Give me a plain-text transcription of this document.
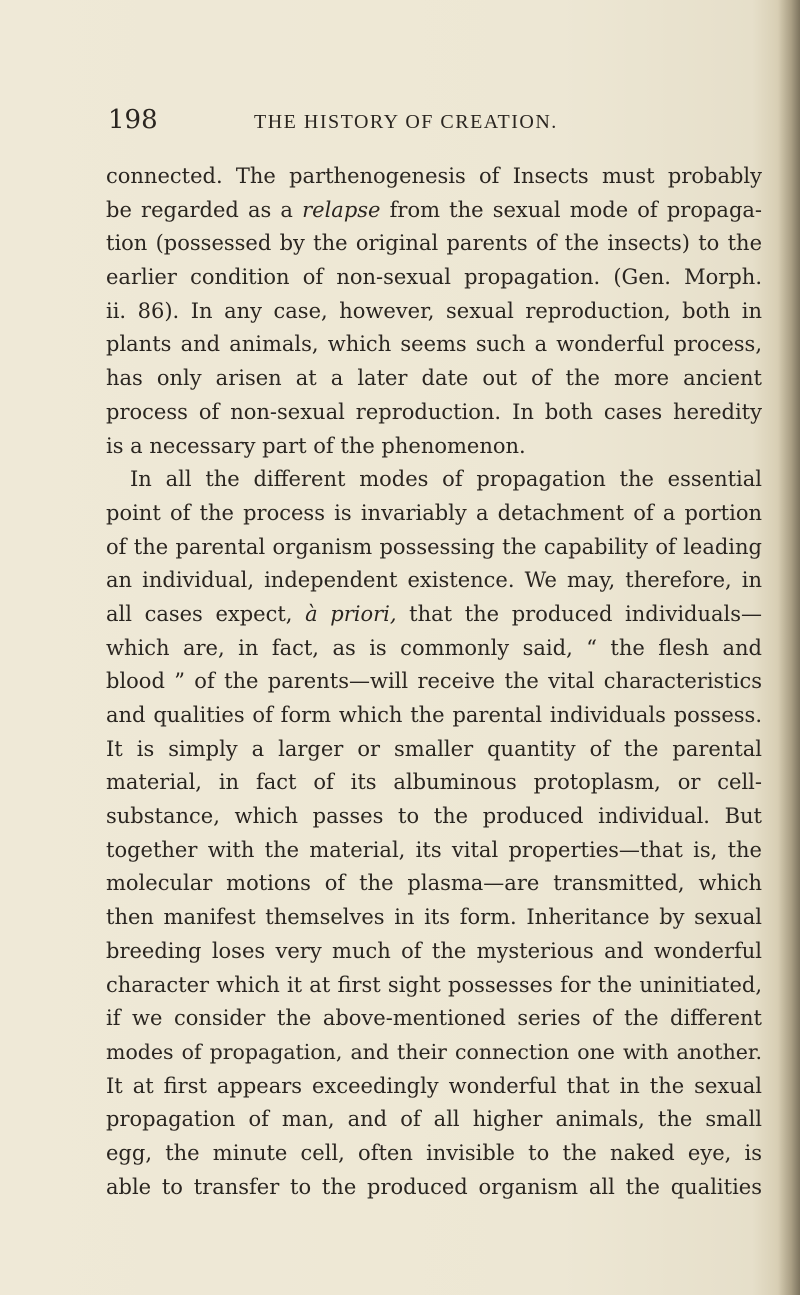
198	THE HISTORY OF CREATION.
connected. The parthenogenesis of Insects must probably
be regarded as a relapse from the sexual mode of propaga-
tion (possessed by the original parents of the insects) to the
earlier condition of non-sexual propagation. (Gen. Morph.
ii. 86). In any case, however, sexual reproduction, both in
plants and animals, which seems such a wonderful process,
has only arisen at a later date out of the more ancient
process of non-sexual reproduction. In both cases heredity
is a necessary part of the phenomenon.
In all the different modes of propagation the essential
point of the process is invariably a detachment of a portion
of the parental organism possessing the capability of leading
an individual, independent existence. We may, therefore, in
all cases expect, à priori, that the produced individuals—
which are, in fact, as is commonly said, “ the flesh and
blood ” of the parents—will receive the vital characteristics
and qualities of form which the parental individuals possess.
It is simply a larger or smaller quantity of the parental
material, in fact of its albuminous protoplasm, or cell-
substance, which passes to the produced individual. But
together with the material, its vital properties—that is, the
molecular motions of the plasma—are transmitted, which
then manifest themselves in its form. Inheritance by sexual
breeding loses very much of the mysterious and wonderful
character which it at first sight possesses for the uninitiated,
if we consider the above-mentioned series of the different
modes of propagation, and their connection one with another.
It at first appears exceedingly wonderful that in the sexual
propagation of man, and of all higher animals, the small
egg, the minute cell, often invisible to the naked eye, is
able to transfer to the produced organism all the qualities
